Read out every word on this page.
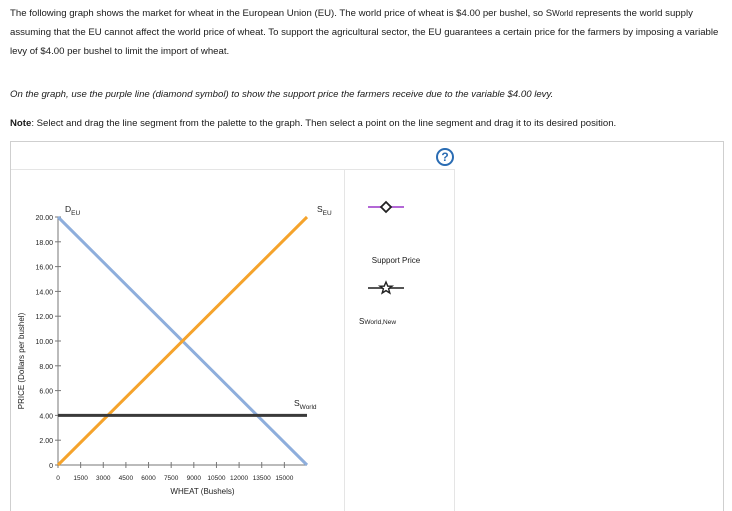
The following graph shows the market for wheat in the European Union (EU). The world price of wheat is $4.00 per bushel, so SWorld represents the world supply assuming that the EU cannot affect the world price of wheat. To support the agricultural sector, the EU guarantees a certain price for the farmers by imposing a variable levy of $4.00 per bushel to limit the import of wheat.
On the graph, use the purple line (diamond symbol) to show the support price the farmers receive due to the variable $4.00 levy.
Note: Select and drag the line segment from the palette to the graph. Then select a point on the line segment and drag it to its desired position.
?
0
2.00
4.00
6.00
8.00
10.00
12.00
14.00
16.00
18.00
20.00
0 1500 3000 4500 6000 7500 9000 10500 12000 13500 15000
WHEAT (Bushels)
PRICE (Dollars per bushel)
$D_{EU}$	$S_{EU}$
$S_{World}$
Support Price
SWorld,New
